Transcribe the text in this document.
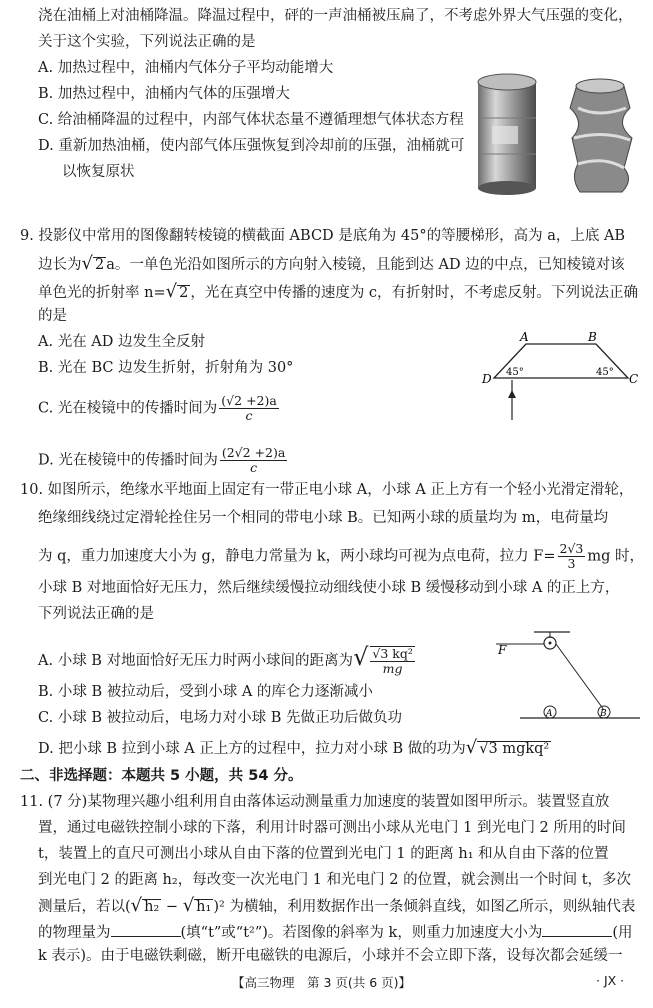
浇在油桶上对油桶降温。降温过程中，砰的一声油桶被压扁了，不考虑外界大气压强的变化，
关于这个实验，下列说法正确的是
A. 加热过程中，油桶内气体分子平均动能增大
B. 加热过程中，油桶内气体的压强增大
C. 给油桶降温的过程中，内部气体状态量不遵循理想气体状态方程
D. 重新加热油桶，使内部气体压强恢复到冷却前的压强，油桶就可
以恢复原状
9. 投影仪中常用的图像翻转棱镜的横截面 ABCD 是底角为 45°的等腰梯形，高为 a，上底 AB
边长为√ 2 a。一单色光沿如图所示的方向射入棱镜，且能到达 AD 边的中点，已知棱镜对该
单色光的折射率 n=√ 2 ，光在真空中传播的速度为 c，有折射时，不考虑反射。下列说法正确
的是
A. 光在 AD 边发生全反射
B. 光在 BC 边发生折射，折射角为 30°
C. 光在棱镜中的传播时间为 $\frac{(√2 +2)a}{c}$
D. 光在棱镜中的传播时间为 $\frac{(2√2 +2)a}{c}$
A	B
C
D 45°	45°
10. 如图所示，绝缘水平地面上固定有一带正电小球 A，小球 A 正上方有一个轻小光滑定滑轮，
绝缘细线绕过定滑轮拴住另一个相同的带电小球 B。已知两小球的质量均为 m，电荷量均
为 q，重力加速度大小为 g，静电力常量为 k，两小球均可视为点电荷，拉力 $F= \frac{2√3}{3}$ mg 时，
小球 B 对地面恰好无压力，然后继续缓慢拉动细线使小球 B 缓慢移动到小球 A 的正上方，
下列说法正确的是
A. 小球 B 对地面恰好无压力时两小球间的距离为√ $\frac{\text{√3 kq²}}{mg}$
B. 小球 B 被拉动后，受到小球 A 的库仑力逐渐减小
C. 小球 B 被拉动后，电场力对小球 B 先做正功后做负功
D. 把小球 B 拉到小球 A 正上方的过程中，拉力对小球 B 做的功为√ √3 mgkq²
F
A	B
二、非选择题：本题共 5 小题，共 54 分。
11. (7 分)某物理兴趣小组利用自由落体运动测量重力加速度的装置如图甲所示。装置竖直放
置，通过电磁铁控制小球的下落，利用计时器可测出小球从光电门 1 到光电门 2 所用的时间
t，装置上的直尺可测出小球从自由下落的位置到光电门 1 的距离 h₁ 和从自由下落的位置
到光电门 2 的距离 h₂，每改变一次光电门 1 和光电门 2 的位置，就会测出一个时间 t，多次
测量后，若以(√ h₂ − √ h₁ )² 为横轴，利用数据作出一条倾斜直线，如图乙所示，则纵轴代表
的物理量为	(填“t”或“t²”)。若图像的斜率为 k，则重力加速度大小为	(用
k 表示)。由于电磁铁剩磁，断开电磁铁的电源后，小球并不会立即下落，设每次都会延缓一
【高三物理　第 3 页(共 6 页)】	· JX ·
